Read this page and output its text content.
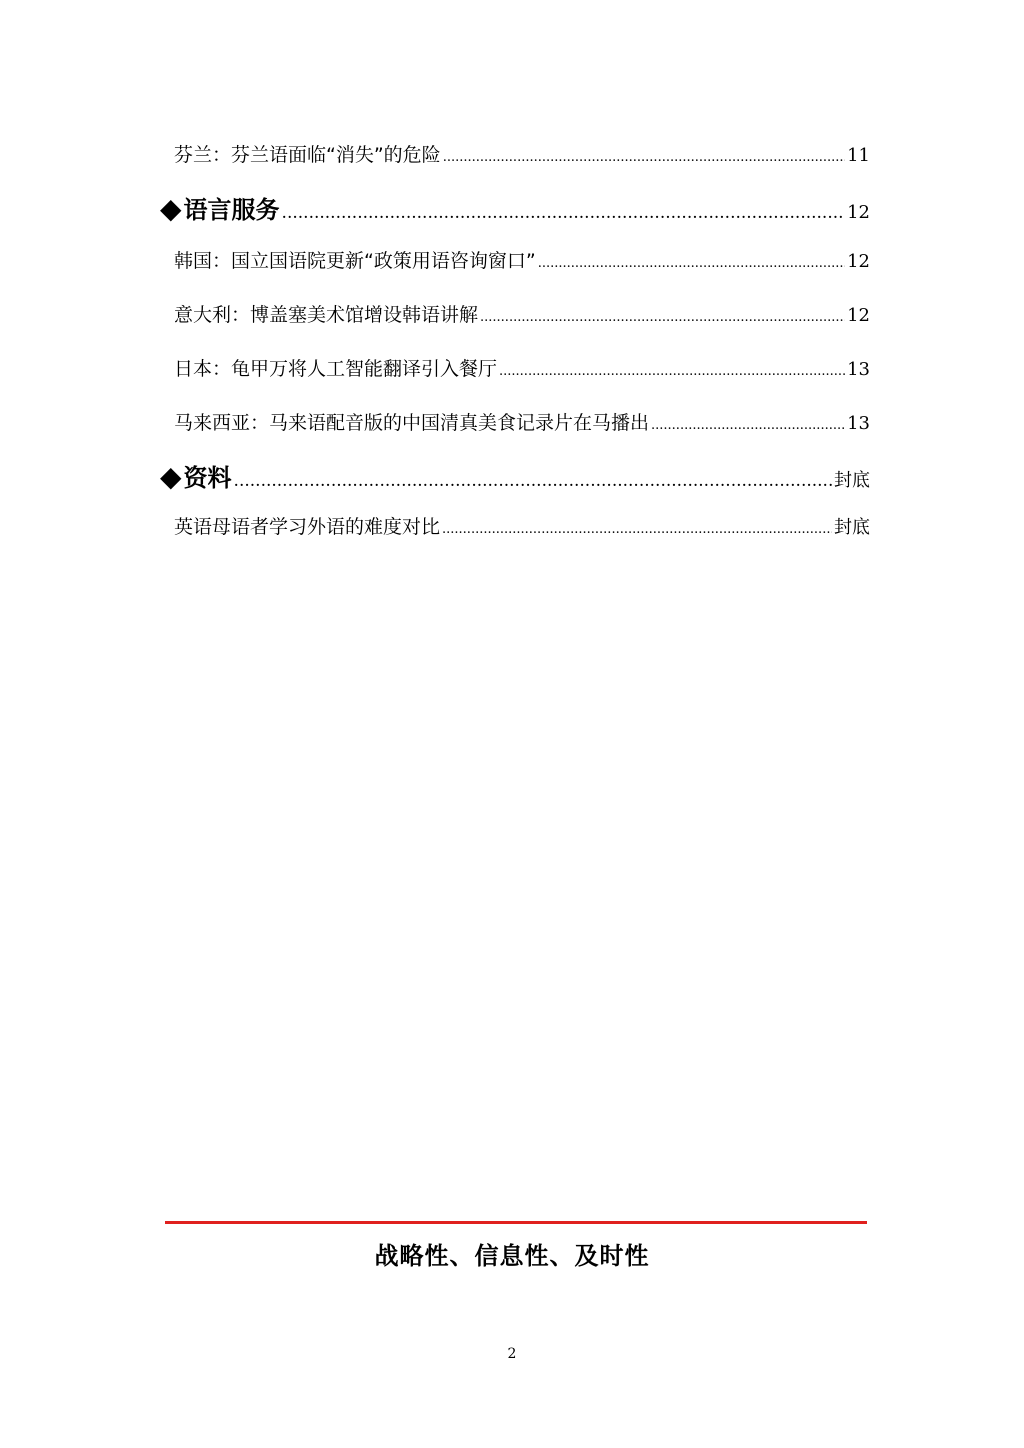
芬兰：芬兰语面临“消失”的危险 .....	11
◆ 语言服务 .....	12
韩国：国立国语院更新“政策用语咨询窗口” .....	12
意大利：博盖塞美术馆增设韩语讲解 .....	12
日本：龟甲万将人工智能翻译引入餐厅 .....	13
马来西亚：马来语配音版的中国清真美食记录片在马播出 .....	13
◆ 资料 .....	封底
英语母语者学习外语的难度对比 .....	封底
战略性、信息性、及时性
2
